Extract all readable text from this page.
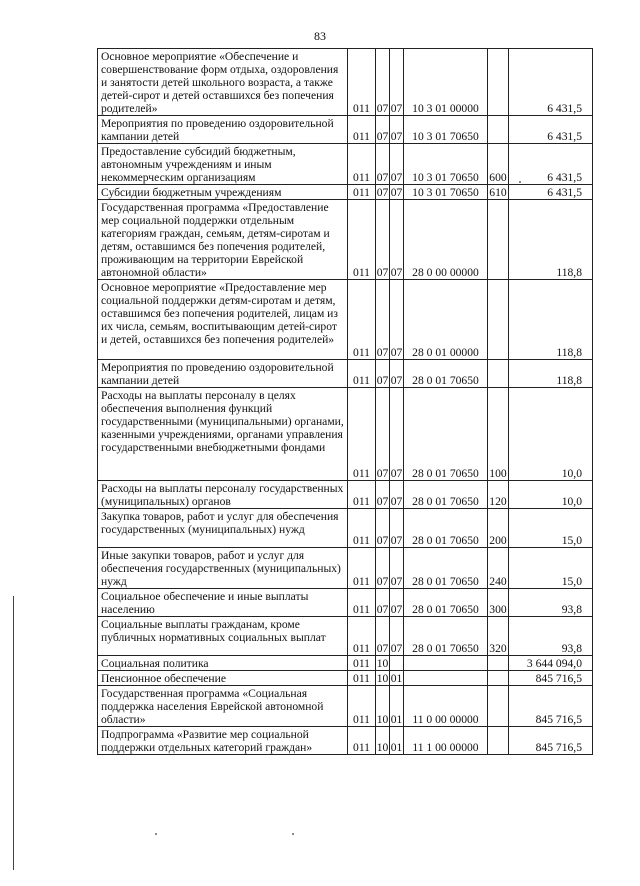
83
Основное мероприятие «Обеспечение и совершенствование форм отдыха, оздоровления и занятости детей школьного возраста, а также детей-сирот и детей оставшихся без попечения родителей»	011	07	07	10 3 01 00000		6 431,5
Мероприятия по проведению оздоровительной кампании детей	011	07	07	10 3 01 70650		6 431,5
Предоставление субсидий бюджетным, автономным учреждениям и иным некоммерческим организациям	011	07	07	10 3 01 70650	600	6 431,5
Субсидии бюджетным учреждениям	011	07	07	10 3 01 70650	610	6 431,5
Государственная программа «Предоставление мер социальной поддержки отдельным категориям граждан, семьям, детям-сиротам и детям, оставшимся без попечения родителей, проживающим на территории Еврейской автономной области»	011	07	07	28 0 00 00000		118,8
Основное мероприятие «Предоставление мер социальной поддержки детям-сиротам и детям, оставшимся без попечения родителей, лицам из их числа, семьям, воспитывающим детей-сирот и детей, оставшихся без попечения родителей»	011	07	07	28 0 01 00000		118,8
Мероприятия по проведению оздоровительной кампании детей	011	07	07	28 0 01 70650		118,8
Расходы на выплаты персоналу в целях обеспечения выполнения функций государственными (муниципальными) органами, казенными учреждениями, органами управления государственными внебюджетными фондами	011	07	07	28 0 01 70650	100	10,0
Расходы на выплаты персоналу государственных (муниципальных) органов	011	07	07	28 0 01 70650	120	10,0
Закупка товаров, работ и услуг для обеспечения государственных (муниципальных) нужд	011	07	07	28 0 01 70650	200	15,0
Иные закупки товаров, работ и услуг для обеспечения государственных (муниципальных) нужд	011	07	07	28 0 01 70650	240	15,0
Социальное обеспечение и иные выплаты населению	011	07	07	28 0 01 70650	300	93,8
Социальные выплаты гражданам, кроме публичных нормативных социальных выплат	011	07	07	28 0 01 70650	320	93,8
Социальная политика	011	10				3 644 094,0
Пенсионное обеспечение	011	10	01			845 716,5
Государственная программа «Социальная поддержка населения Еврейской автономной области»	011	10	01	11 0 00 00000		845 716,5
Подпрограмма «Развитие мер социальной поддержки отдельных категорий граждан»	011	10	01	11 1 00 00000		845 716,5
